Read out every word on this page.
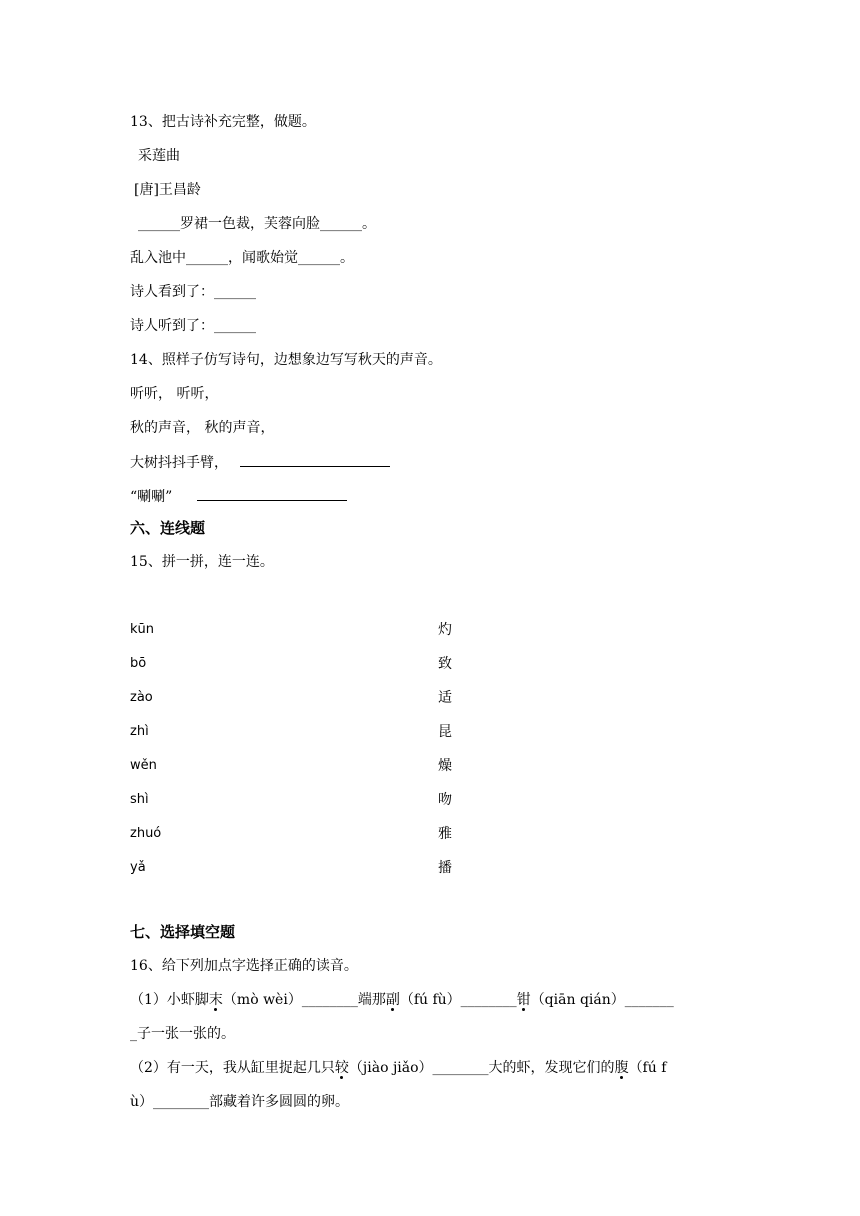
13、把古诗补充完整，做题。
采莲曲
[唐]王昌龄
______罗裙一色裁，芙蓉向脸______。
乱入池中______，闻歌始觉______。
诗人看到了：______
诗人听到了：______
14、照样子仿写诗句，边想象边写写秋天的声音。
听听， 听听，
秋的声音， 秋的声音，
大树抖抖手臂，
“唰唰”
六、连线题
15、拼一拼，连一连。
kūn
bō
zào
zhì
wěn
shì
zhuó
yǎ
灼
致
适
昆
燥
吻
雅
播
七、选择填空题
16、给下列加点字选择正确的读音。
（1）小虾脚末（mò wèi）________端那副（fú fù）________钳（qiān qián）_______
_子一张一张的。
（2）有一天，我从缸里捉起几只较（jiào jiǎo）________大的虾，发现它们的腹（fú f
ù）________部藏着许多圆圆的卵。
